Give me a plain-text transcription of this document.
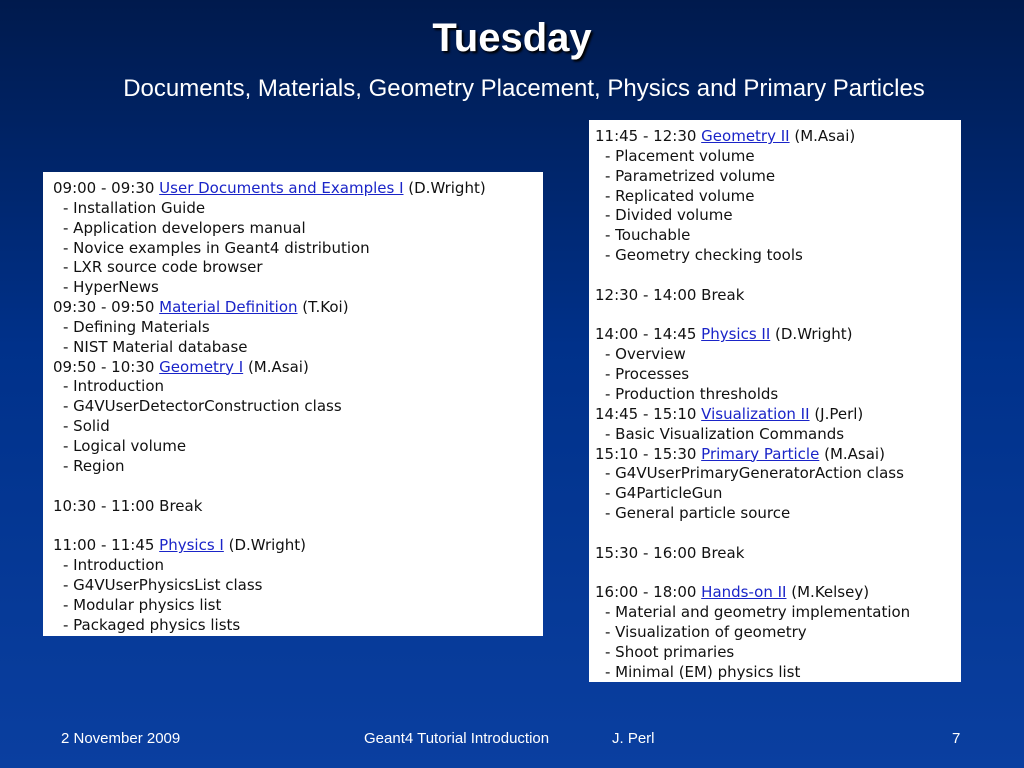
Tuesday
Documents, Materials, Geometry Placement, Physics and Primary Particles
09:00 - 09:30 User Documents and Examples I (D.Wright)
- Installation Guide
- Application developers manual
- Novice examples in Geant4 distribution
- LXR source code browser
- HyperNews
09:30 - 09:50 Material Definition (T.Koi)
- Defining Materials
- NIST Material database
09:50 - 10:30 Geometry I (M.Asai)
- Introduction
- G4VUserDetectorConstruction class
- Solid
- Logical volume
- Region
10:30 - 11:00 Break
11:00 - 11:45 Physics I (D.Wright)
- Introduction
- G4VUserPhysicsList class
- Modular physics list
- Packaged physics lists
11:45 - 12:30 Geometry II (M.Asai)
- Placement volume
- Parametrized volume
- Replicated volume
- Divided volume
- Touchable
- Geometry checking tools
12:30 - 14:00 Break
14:00 - 14:45 Physics II (D.Wright)
- Overview
- Processes
- Production thresholds
14:45 - 15:10 Visualization II (J.Perl)
- Basic Visualization Commands
15:10 - 15:30 Primary Particle (M.Asai)
- G4VUserPrimaryGeneratorAction class
- G4ParticleGun
- General particle source
15:30 - 16:00 Break
16:00 - 18:00 Hands-on II (M.Kelsey)
- Material and geometry implementation
- Visualization of geometry
- Shoot primaries
- Minimal (EM) physics list
2 November 2009	Geant4 Tutorial Introduction	J. Perl	7
